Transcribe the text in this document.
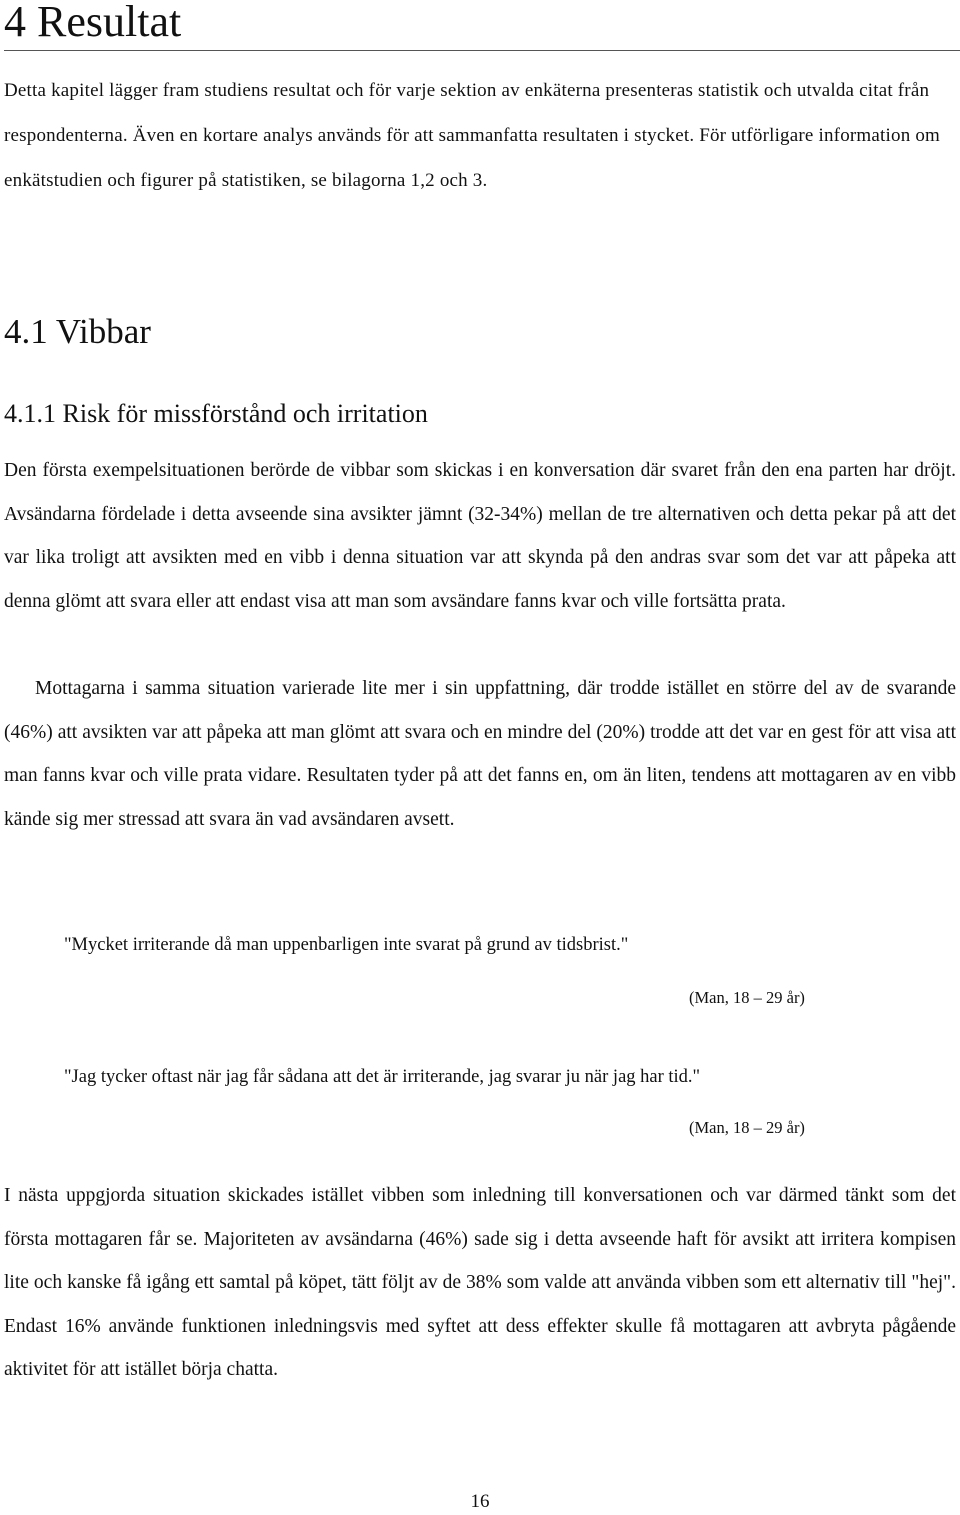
4 Resultat

Detta kapitel lägger fram studiens resultat och för varje sektion av enkäterna presenteras statistik och utvalda citat från respondenterna. Även en kortare analys används för att sammanfatta resultaten i stycket. För utförligare information om enkätstudien och figurer på statistiken, se bilagorna 1,2 och 3.

4.1 Vibbar
4.1.1 Risk för missförstånd och irritation

Den första exempelsituationen berörde de vibbar som skickas i en konversation där svaret från den ena parten har dröjt. Avsändarna fördelade i detta avseende sina avsikter jämnt (32-34%) mellan de tre alternativen och detta pekar på att det var lika troligt att avsikten med en vibb i denna situation var att skynda på den andras svar som det var att påpeka att denna glömt att svara eller att endast visa att man som avsändare fanns kvar och ville fortsätta prata.

Mottagarna i samma situation varierade lite mer i sin uppfattning, där trodde istället en större del av de svarande (46%) att avsikten var att påpeka att man glömt att svara och en mindre del (20%) trodde att det var en gest för att visa att man fanns kvar och ville prata vidare. Resultaten tyder på att det fanns en, om än liten, tendens att mottagaren av en vibb kände sig mer stressad att svara än vad avsändaren avsett.

"Mycket irriterande då man uppenbarligen inte svarat på grund av tidsbrist."

(Man, 18 – 29 år)

"Jag tycker oftast när jag får sådana att det är irriterande, jag svarar ju när jag har tid."

(Man, 18 – 29 år)

I nästa uppgjorda situation skickades istället vibben som inledning till konversationen och var därmed tänkt som det första mottagaren får se. Majoriteten av avsändarna (46%) sade sig i detta avseende haft för avsikt att irritera kompisen lite och kanske få igång ett samtal på köpet, tätt följt av de 38% som valde att använda vibben som ett alternativ till "hej". Endast 16% använde funktionen inledningsvis med syftet att dess effekter skulle få mottagaren att avbryta pågående aktivitet för att istället börja chatta.

16
